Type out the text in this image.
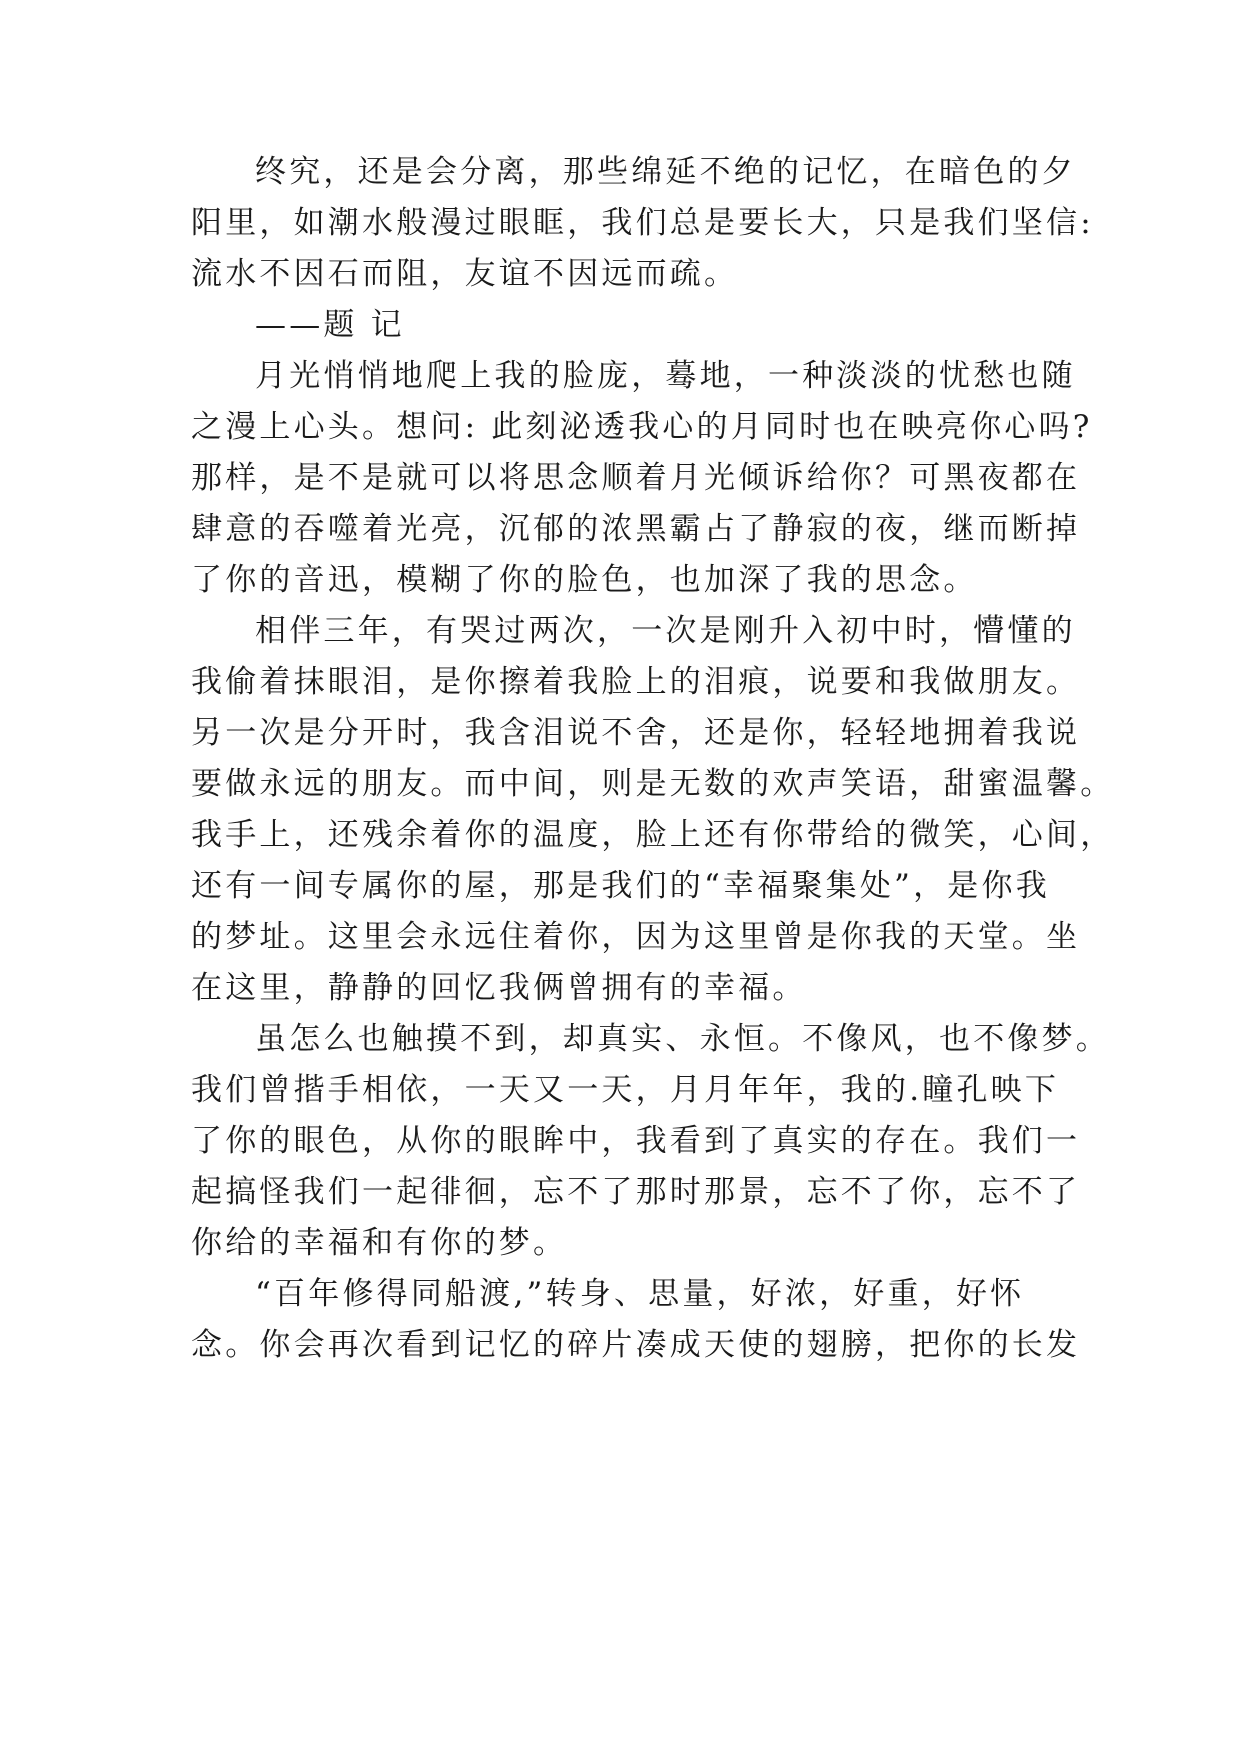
终究，还是会分离，那些绵延不绝的记忆，在暗色的夕
阳里，如潮水般漫过眼眶，我们总是要长大，只是我们坚信:
流水不因石而阻，友谊不因远而疏。
——题 记
月光悄悄地爬上我的脸庞，蓦地，一种淡淡的忧愁也随
之漫上心头。想问: 此刻泌透我心的月同时也在映亮你心吗?
那样，是不是就可以将思念顺着月光倾诉给你？可黑夜都在
肆意的吞噬着光亮，沉郁的浓黑霸占了静寂的夜，继而断掉
了你的音迅，模糊了你的脸色，也加深了我的思念。
相伴三年，有哭过两次，一次是刚升入初中时，懵懂的
我偷着抹眼泪，是你擦着我脸上的泪痕，说要和我做朋友。
另一次是分开时，我含泪说不舍，还是你，轻轻地拥着我说
要做永远的朋友。而中间，则是无数的欢声笑语，甜蜜温馨。
我手上，还残余着你的温度，脸上还有你带给的微笑，心间，
还有一间专属你的屋，那是我们的“幸福聚集处”，是你我
的梦址。这里会永远住着你，因为这里曾是你我的天堂。坐
在这里，静静的回忆我俩曾拥有的幸福。
虽怎么也触摸不到，却真实、永恒。不像风，也不像梦。
我们曾揩手相依，一天又一天，月月年年，我的.瞳孔映下
了你的眼色，从你的眼眸中，我看到了真实的存在。我们一
起搞怪我们一起徘徊，忘不了那时那景，忘不了你，忘不了
你给的幸福和有你的梦。
“百年修得同船渡,”转身、思量，好浓，好重，好怀
念。你会再次看到记忆的碎片凑成天使的翅膀，把你的长发
